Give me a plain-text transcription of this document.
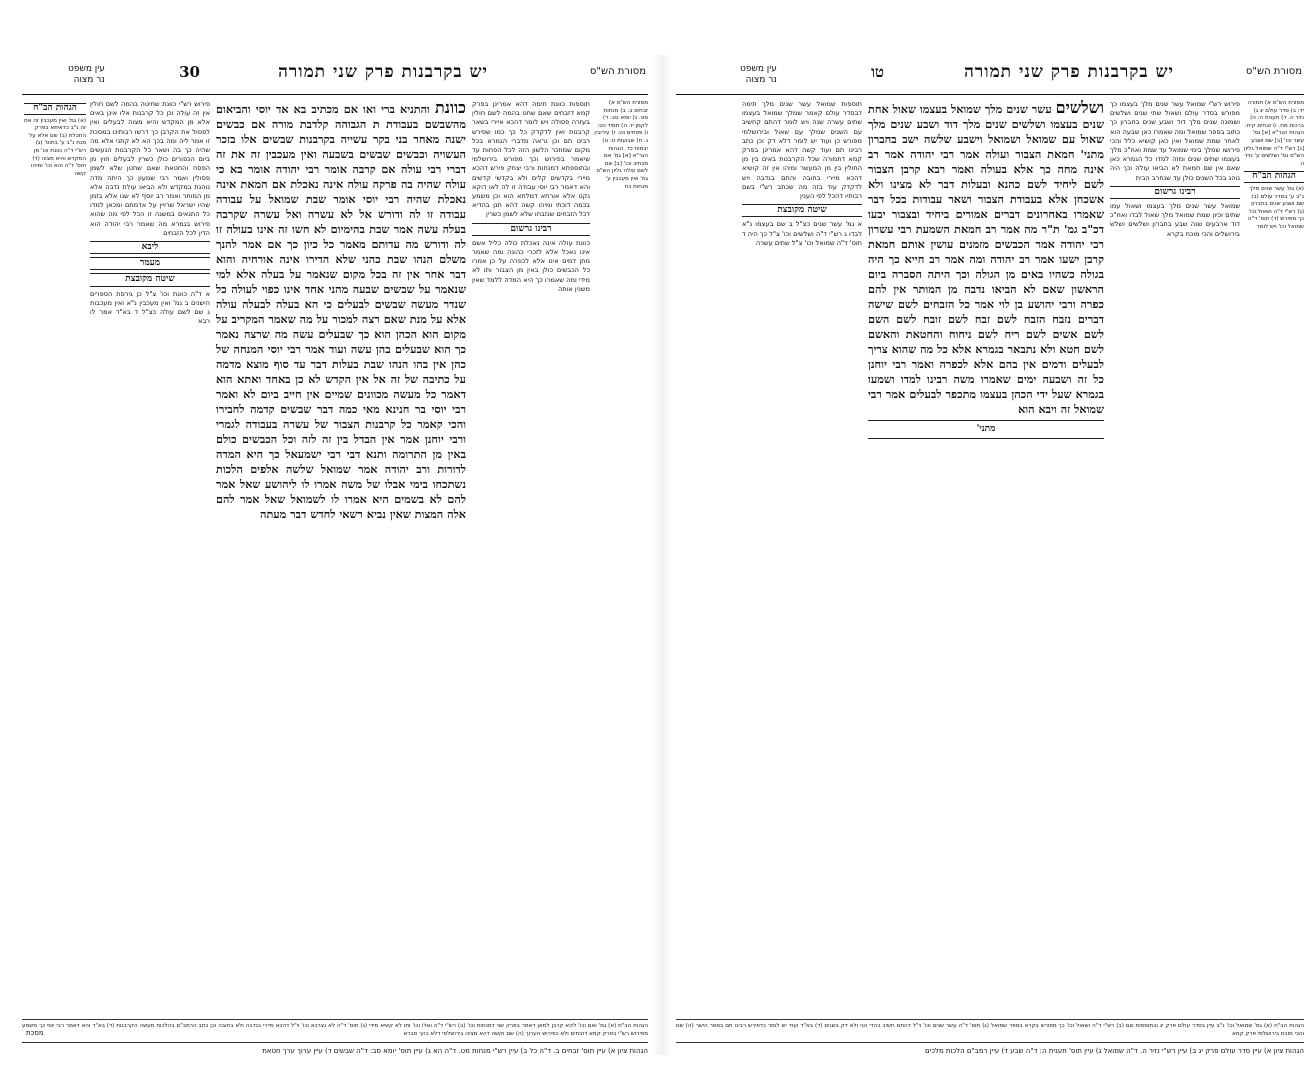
מסורת הש"ס
יש בקרבנות פרק שני תמורה
30
עין משפט
נר מצוה
מסורת הש"ס א) זבחים ב. ב) מנחות מט. ג) יומא סב: ד) לקמן יז. ה) תמיד כט: ו) פסחים נט. ז) עירובין נ. ח) שבועות ט: ט) יבמות כד. הגהות הגר"א [א] גמ' אם מכתיב וכו' [ב] שם לשם עולה גליון הש"ס גמ' ואין מעכבין ע' מנחות כח
תוספות כוונת תימה דהא אמרינן בפרק קמא דזבחים שאם שחט בהמה לשם חולין בעזרה פסולה ויש לומר דהכא איירי בשאר קרבנות ואין לדקדק כל כך כמו שפירש רבינו תם וכן נראה מדברי הגמרא בכל מקום שמוזכר הלשון הזה לכל הפחות עד שיאמר בפירוש וכך מפורש בירושלמי ובתוספתא דמנחות ורבי יצחק פירש דהכא מיירי בקדשים קלים ולא בקדשי קדשים והא דאמר רבי יוסי עבודה זו לה לאו דוקא נקט אלא אורחא דמלתא הוא וכן משמע בכמה דוכתי ומיהו קשה דהא תנן בהדיא דכל הזבחים שנזבחו שלא לשמן כשרין
רבינו גרשום
כוונת עולה אינה נאכלת כולה כליל אשם אינו נאכל אלא לזכרי כהונה ומה שאמר מתן דמים אינו אלא לכפרה על כן אמרו כל הכבשים כולן באין מן הצבור ותו לא מידי ומה שאמרו כך היא המדה ללמד שאין משנין אותה
כוונת והתניא ברי ואו אם מכתיב בא אד יוסי והביאום מהשבשם בעבודת ת הגבוהה קלדבת מורה אם כבשים ישנה מאחר בני בקר עשייה בקרבנות שבשים אלו בזכר העשויה וכבשים שבשים בשבעה ואין מעכבין זה את זה דברי רבי עולה אם קרבה אומר רבי יהודה אומר בא כי עולה שהיה בה פרקה עולה אינה נאכלת אם המאת אינה נאכלת שהיה רבי יוסי אומר שבת שמואל על עבודה עבודה זו לה ודורש אל לא עשרה ואל עשרה שקרבה בעלה עשה אמר שבת בהימיום לא חשו זה אינו בעולה זו לה ודורש מה עדותם מאמר כל כיון כך אם אמר להנך משלם הנהו שבת כהני שלא הדירו אינה אורחיה והוא דבר אחר אין זה בכל מקום שנאמר על בעלה אלא למי שנאמר על שבשים שבעה מהני אחד אינו כפוי לעולה כל שנדר מעשה שבשים לבעלים כי הא בעלה לבעלה עולה אלא על מנת שאם רצה למכור על מה שאמר המקריב על מקום הוא הכהן הוא כך שבעלים עשה מה שרצה נאמר כך הוא שבעלים בהן עשה ועוד אמר רבי יוסי המנחה של כהן אין בהו הנהו שבת בעלות דבר עד סוף מוצא מדמה על כתיבה של זה אל אין הקדש לא כן באחד ואתא הוא דאמר כל מעשה מכוונים שמיים אין חייב ביום לא ואמר רבי יוסי בר חנינא מאי כמה דבר שבשים קדמה לחבירו והכי קאמר כל קרבנות הצבור של עשרה בעבודה לגמרי ורבי יוחנן אמר אין הבדל בין זה לזה וכל הכבשים כולם באין מן התרומה ותנא דבי רבי ישמעאל כך היא המדה לדורות ורב יהודה אמר שמואל שלשה אלפים הלכות נשתכחו בימי אבלו של משה אמרו לו ליהושע שאל אמר להם לא בשמים היא אמרו לו לשמואל שאל אמר להם אלה המצות שאין נביא רשאי לחדש דבר מעתה
פירוש רש"י כוונת שחיטה בהמה לשם חולין אין זה עולה וכן כל קרבנות אלו אינן באים אלא מן המקדש והיא מצוה לבעלים ואין לפסול את הקרבן כך דרשו רבותינו במסכת זו אמר ליה ומה בכך הא לא קתני אלא מה שהיה כך בה ושאר כל הקרבנות הנעשים ביום הכפורים כולן כשרין לבעלים חוץ מן הפסח והחטאת שאם שחטן שלא לשמן פסולין ואמר רבי שמעון כך היתה מדה נוהגת במקדש ולא הביאו עולת נדבה אלא מן המותר ואמר רב יוסף לא שנו אלא בזמן שהיו ישראל שרויין על אדמתם ומכאן למדו כל התנאים במשנה זו הכל לפי מה שהוא פירוש בגמרא מה שאמר רבי יהודה הוא הדין לכל הזבחים
ליבא
מעמר
שיטה מקובצת
א ד"ה כוונת וכו' צ"ל כן גירסת הספרים הישנים ב גמ' ואין מעכבין נ"א ואין מעכבות ג שם לשם עולה כצ"ל ד בא"ד אמר לו רבא
הגהות הב"ח
(א) גמ' ואין מעכבין זה את זה נ"ב כדאיתא בפרק התכלת (ב) שם אלא על מנת נ"ב ע' בתוס' (ג) רש"י ד"ה כוונת וכו' מן המקדש והיא מצוה (ד) תוס' ד"ה והא וכו' ומיהו קשה
הגהות הב"ח (א) גמ' ואם וכו' ליכא קרבן למאן דאמר בפרק שני דמנחות וכו' (ב) רש"י ד"ה ואלו וכו' ותו לא קשיא מידי (ג) תוס' ד"ה לא נצרכא וכו' וי"ל דהכא מיירי בנדבה ולא בחובה וכן כתב הרמב"ם בהלכות מעשה הקרבנות (ד) בא"ד והא דאמר רבי יוסי כך משמע מפירוש רש"י בפרק קמא דזבחים ולא כפירוש הערוך (ה) שם וקשה דהא מצינו בירושלמי דלא כהך סברא
הגהות ציון א) עיין תוס' זבחים ב. ד"ה כל ב) עיין רש"י מנחות מט. ד"ה הא ג) עיין תוס' יומא סב: ד"ה שבשים ד) עיין ערוך ערך חטאת
מסכת
מסורת הש"ס
יש בקרבנות פרק שני תמורה
טו
עין משפט
נר מצוה
מסורת הש"ס א) תמורה יד: ב) סדר עולם יג ג) נזיר ה. ד) תענית ה: ה) ברכות מח. ו) זבחים קיח: הגהות הגר"א [א] גמ' עשר וכו' [ב] שם ושבע [ג] רש"י ד"ה שמואל גליון הש"ס גמ' ושלשים ע' נזיר ה
הגהות הב"ח
(א) גמ' עשר שנים מלך נ"ב ע' בסדר עולם (ב) שם ושבע שנים בחברון (ג) רש"י ד"ה ושאול וכו' כך מפורש (ד) תוס' ד"ה שמואל וכו' ויש לומר
פירוש רש"י שמואל עשר שנים מלך בעצמו כך מפורש בסדר עולם ושאול שתי שנים ושלשים ושמונה שנים מלך דוד ושבע שנים בחברון כך כתוב בספר שמואל ומה שאמרו כאן שבעה הוא לאחר שמת שמואל ואין כאן קושיא כלל והכי פירושו שמלך בימי שמואל עד שמת ואח"כ מלך בעצמו שתים שנים ומזה למדו כל הגמרא כאן שאם אין שם חמאת לא הביאו עולה וכך היה נוהג בכל השנים כולן עד שנחרב הבית
רבינו גרשום
שמואל עשר שנים מלך בעצמו ושאול עמו שתים וכיון שמת שמואל מלך שאול לבדו ואח"כ דוד ארבעים שנה שבע בחברון ושלשים ושלש בירושלים והכי מוכח בקרא
ושלשים עשר שנים מלך שמואל בעצמו שאול אחת שנים בעצמו ושלשים שנים מלך דוד ושבע שנים מלך שאול עם שמואל ושמואל וישבע שלשה ישב בחברון מתני' חמאת הצבור ועולה אמר רבי יהודה אמר רב אינה מחה כך אלא בעולה ואמר רבא קרבן הצבור לשם ליחיד לשם כהנא ובעלות דבר לא מצינו ולא אשכחן אלא בעבודת הצבור ושאר עבודות בכל דבר שאמרו באחרונים דברים אמורים ביחיד ובצבור יבעו דכ"ב גמ' ת"ר מה אמר רב חמאת השמעת רבי עשרון רבי יהודה אמר הכבשים מזמנים עושין אותם חמאת קרבן ישעו אמר רב יהודה ומה אמר רב חייא כך היה בגולה כשהיו באים מן הגולה וכך היתה הסברה ביום הראשון שאם לא הביאו נדבה מן המותר אין להם כפרה ורבי יהושע בן לוי אמר כל הזבחים לשם שישה דברים נזבח הזבח לשם זבח לשם זובח לשם השם לשם אשים לשם ריח לשם ניחוח והחטאת והאשם לשם חטא ולא נתבאר בגמרא אלא כל מה שהוא צריך לבעלים ודמים אין בהם אלא לכפרה ואמר רבי יוחנן כל זה ושבעה ימים שאמרו משה רבינו למדו ושמעו בגמרא שעל ידי הכהן בעצמו מתכפר לבעלים אמר רבי שמואל זה ויבא הוא
מתני'
תוספות שמואל עשר שנים מלך תימה דבסדר עולם קאמר שמלך שמואל בעצמו שתים עשרה שנה ויש לומר דהתם קחשיב עם השנים שמלך עם שאול ובירושלמי מפורש כן ועוד יש לומר דלא דק וכן כתב רבינו תם ועוד קשה דהא אמרינן בפרק קמא דתמורה שכל הקרבנות באים בין מן החולין בין מן המעשר ומיהו אין זה קושיא דהכא מיירי בחובה והתם בנדבה ויש לדקדק עוד בזה מה שכתב רש"י בשם רבותיו דהכל לפי הענין
שיטה מקובצת
א גמ' עשר שנים כצ"ל ב שם בעצמו נ"א לבדו ג רש"י ד"ה ושלשים וכו' צ"ל כך היה ד תוס' ד"ה שמואל וכו' צ"ל שתים עשרה
הגהות הב"ח (א) גמ' שמואל וכו' נ"ב עיין בסדר עולם פרק יג ובתוספות שם (ב) רש"י ד"ה ושאול וכו' כך מפורש בקרא בספר שמואל (ג) תוס' ד"ה עשר שנים וכו' וי"ל דהתם חשיב בהדי הני ולא דק בשנים (ד) בא"ד ועוד יש לומר כדפירש רבינו תם בספר הישר (ה) שם והכי מוכח בירושלמי פרק קמא
הגהות ציון א) עיין סדר עולם פרק יג ב) עיין רש"י נזיר ה. ד"ה שמואל ג) עיין תוס' תענית ה: ד"ה שבע ד) עיין רמב"ם הלכות מלכים
